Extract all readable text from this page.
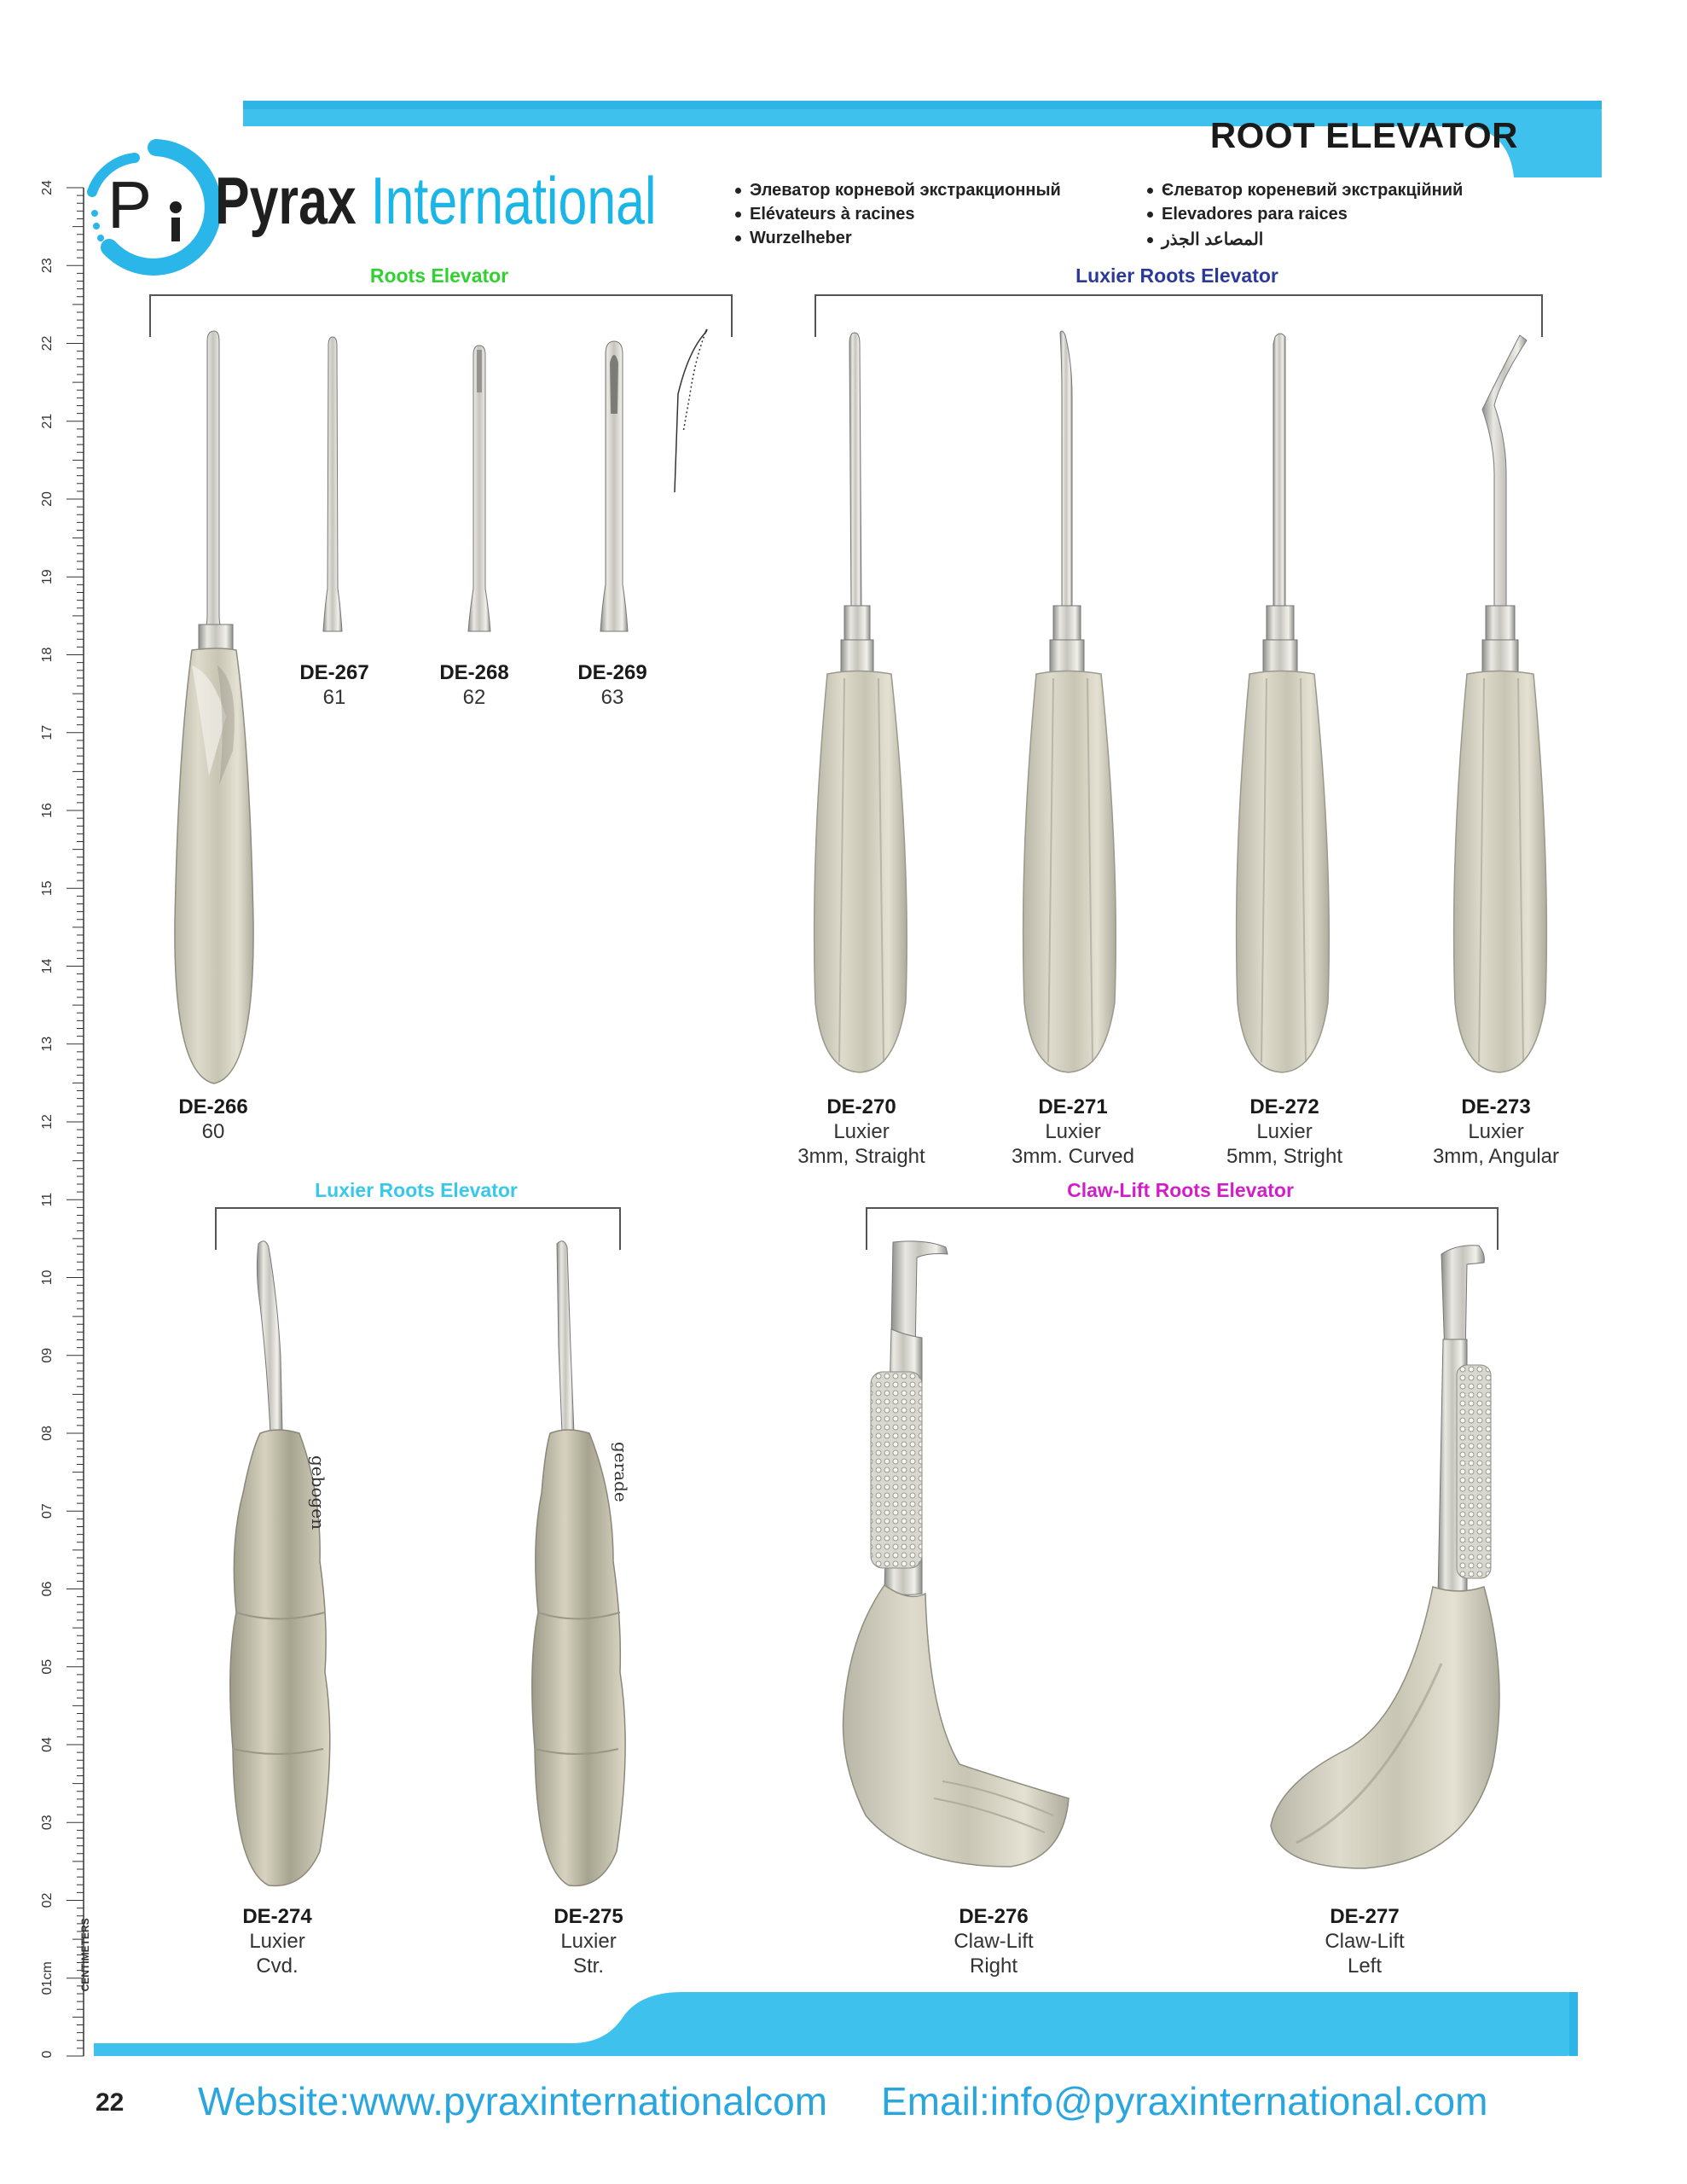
ROOT ELEVATOR
P Pyrax International	Элеватор корневой экстракционный
Elévateurs à racines
Wurzelheber
Єлеватор кореневий экстракційний
Elevadores para raices
المصاعد الجذر
Roots Elevator	Luxier Roots Elevator
Luxier Roots Elevator	Claw-Lift Roots Elevator
DE-266
60
DE-267
61
DE-268
62
DE-269
63
DE-270
Luxier
3mm, Straight
DE-271
Luxier
3mm. Curved
DE-272
Luxier
5mm, Stright
DE-273
Luxier
3mm, Angular
gebogen	gerade
DE-274
Luxier
Cvd.
DE-275
Luxier
Str.
DE-276
Claw-Lift
Right
DE-277
Claw-Lift
Left
0
01cm
02
03
04
05
06
07
08
09
10
11
12
13
14
15
16
17
18
19
20
21
22
23
24
CENTIMETERS
22 Website:www.pyraxinternationalcom Email:info@pyraxinternational.com
